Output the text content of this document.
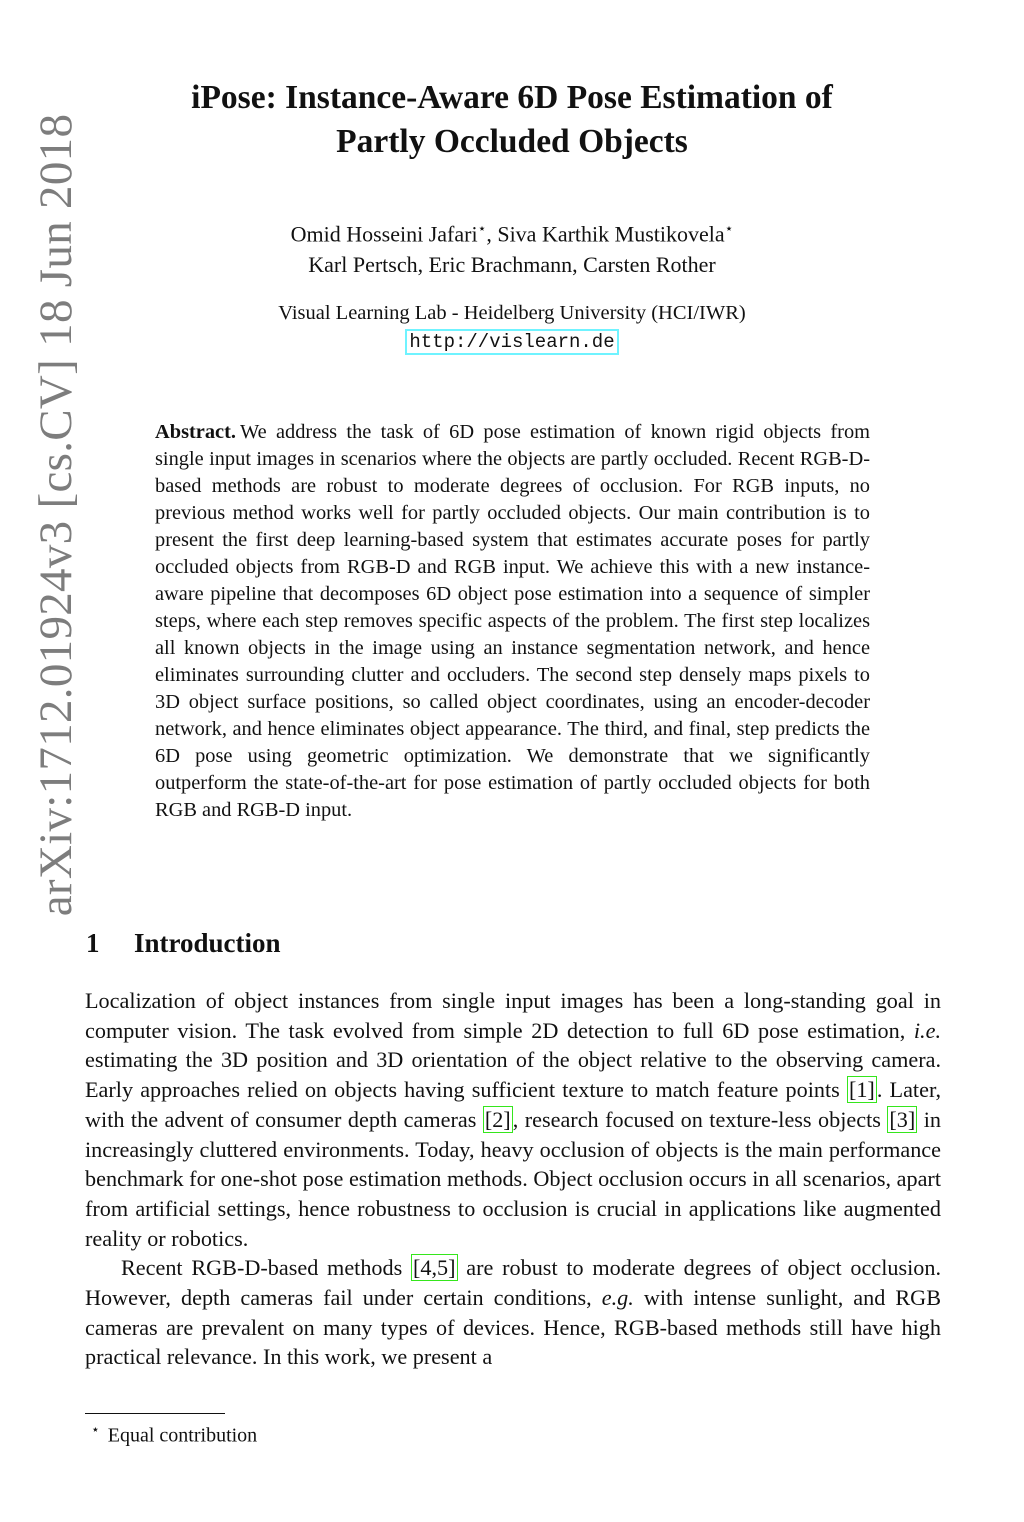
arXiv:1712.01924v3 [cs.CV] 18 Jun 2018
iPose: Instance-Aware 6D Pose Estimation of
Partly Occluded Objects
Omid Hosseini Jafari⋆, Siva Karthik Mustikovela⋆
Karl Pertsch, Eric Brachmann, Carsten Rother
Visual Learning Lab - Heidelberg University (HCI/IWR)
http://vislearn.de
Abstract. We address the task of 6D pose estimation of known rigid objects from single input images in scenarios where the objects are partly occluded. Recent RGB-D-based methods are robust to moderate degrees of occlusion. For RGB inputs, no previous method works well for partly occluded objects. Our main contribution is to present the first deep learning-based system that estimates accurate poses for partly occluded objects from RGB-D and RGB input. We achieve this with a new instance-aware pipeline that decomposes 6D object pose estimation into a sequence of simpler steps, where each step removes specific aspects of the problem. The first step localizes all known objects in the image using an instance segmentation network, and hence eliminates surrounding clutter and occluders. The second step densely maps pixels to 3D object surface positions, so called object coordinates, using an encoder-decoder network, and hence eliminates object appearance. The third, and final, step predicts the 6D pose using geometric optimization. We demonstrate that we significantly outperform the state-of-the-art for pose estimation of partly occluded objects for both RGB and RGB-D input.
1 Introduction

Localization of object instances from single input images has been a long-standing goal in computer vision. The task evolved from simple 2D detection to full 6D pose estimation, i.e. estimating the 3D position and 3D orientation of the object relative to the observing camera. Early approaches relied on objects having sufficient texture to match feature points [1]. Later, with the advent of consumer depth cameras [2], research focused on texture-less objects [3] in increasingly cluttered environments. Today, heavy occlusion of objects is the main performance benchmark for one-shot pose estimation methods. Object occlusion occurs in all scenarios, apart from artificial settings, hence robustness to occlusion is crucial in applications like augmented reality or robotics.

Recent RGB-D-based methods [4,5] are robust to moderate degrees of object occlusion. However, depth cameras fail under certain conditions, e.g. with intense sunlight, and RGB cameras are prevalent on many types of devices. Hence, RGB-based methods still have high practical relevance. In this work, we present a

⋆ Equal contribution
